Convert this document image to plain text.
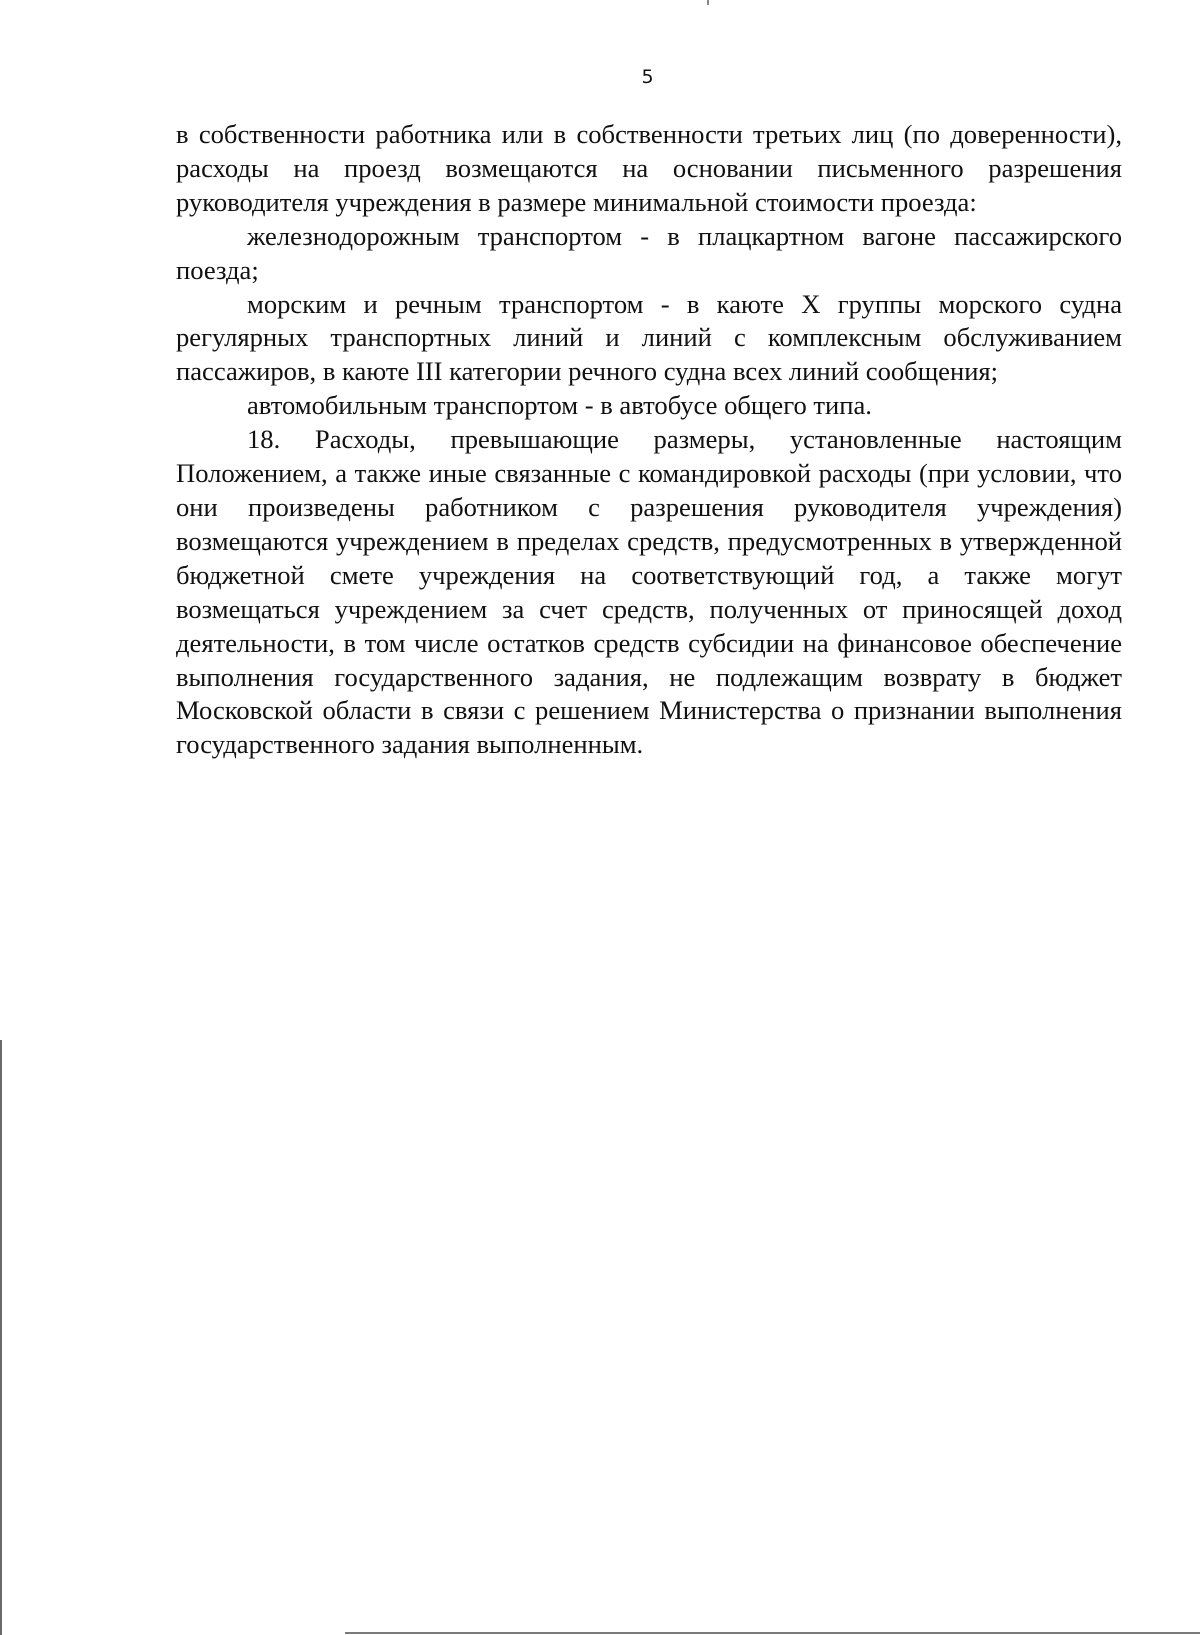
5

в собственности работника или в собственности третьих лиц (по доверенности), расходы на проезд возмещаются на основании письменного разрешения руководителя учреждения в размере минимальной стоимости проезда:

железнодорожным транспортом - в плацкартном вагоне пассажирского поезда;

морским и речным транспортом - в каюте X группы морского судна регулярных транспортных линий и линий с комплексным обслуживанием пассажиров, в каюте III категории речного судна всех линий сообщения;

автомобильным транспортом - в автобусе общего типа.

18. Расходы, превышающие размеры, установленные настоящим Положением, а также иные связанные с командировкой расходы (при условии, что они произведены работником с разрешения руководителя учреждения) возмещаются учреждением в пределах средств, предусмотренных в утвержденной бюджетной смете учреждения на соответствующий год, а также могут возмещаться учреждением за счет средств, полученных от приносящей доход деятельности, в том числе остатков средств субсидии на финансовое обеспечение выполнения государственного задания, не подлежащим возврату в бюджет Московской области в связи с решением Министерства о признании выполнения государственного задания выполненным.
